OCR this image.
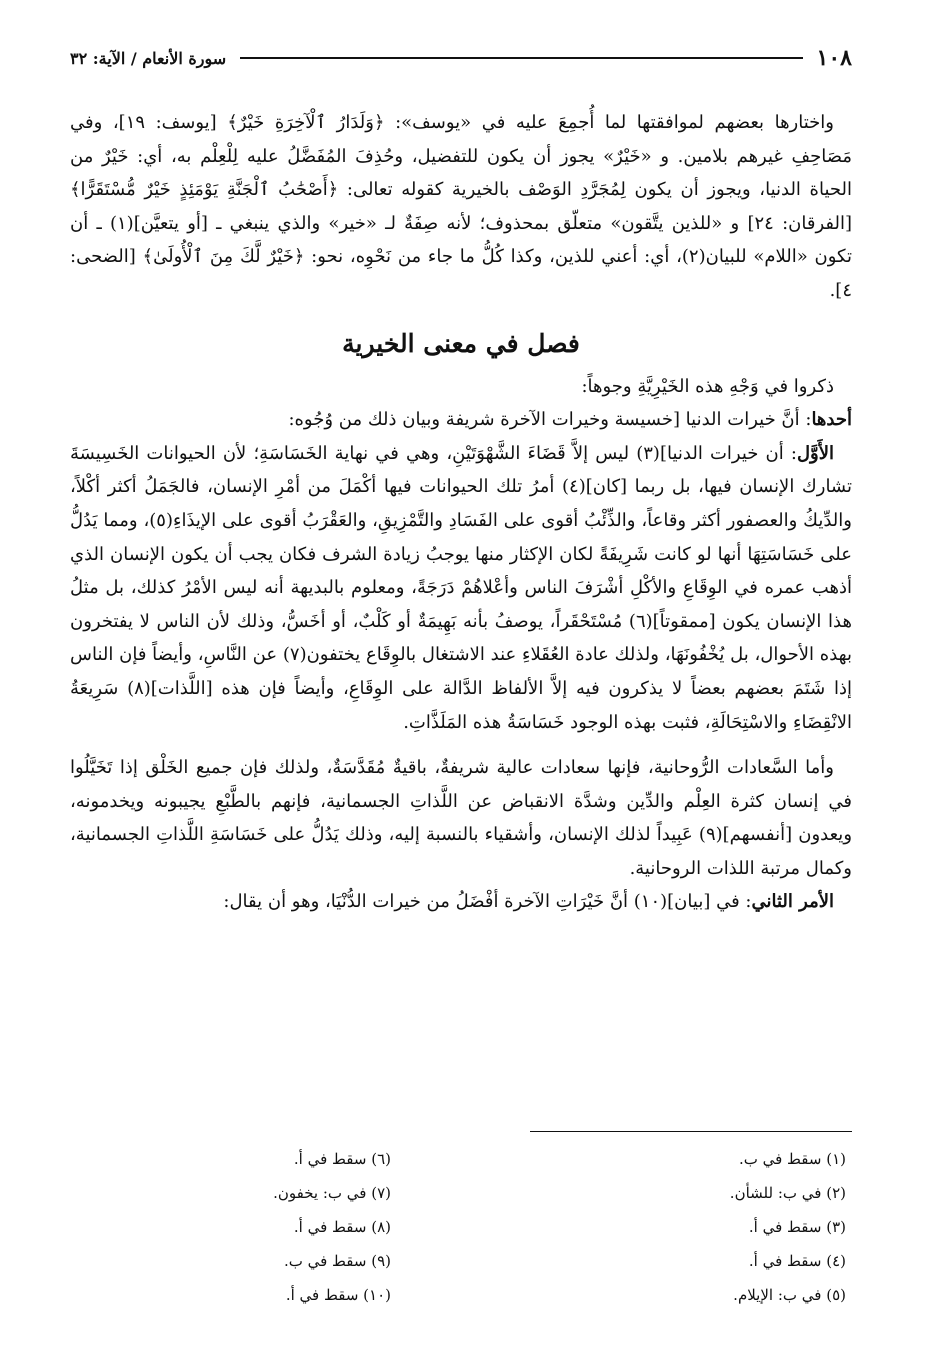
١٠٨
سورة الأنعام / الآية: ٣٢

واختارها بعضهم لموافقتها لما أُجمِعَ عليه في «يوسف»: ﴿وَلَدَارُ ٱلْآخِرَةِ خَيْرٌ﴾ [يوسف: ١٩]، وفي مَصَاحِفِ غيرهم بلامين. و «خَيْرٌ» يجوز أن يكون للتفضيل، وحُذِفَ المُفَضَّلُ عليه لِلْعِلْم به، أي: خَيْرٌ من الحياة الدنيا، ويجوز أن يكون لِمُجَرَّدِ الوَصْف بالخيرية كقوله تعالى: ﴿أَصْحَٰبُ ٱلْجَنَّةِ يَوْمَئِذٍ خَيْرٌ مُّسْتَقَرًّا﴾ [الفرقان: ٢٤] و «للذين يتَّقون» متعلّق بمحذوف؛ لأنه صِفَةٌ لـ «خير» والذي ينبغي ـ [أو يتعيَّن](١) ـ أن تكون «اللام» للبيان(٢)، أي: أعني للذين، وكذا كُلُّ ما جاء من نَحْوِه، نحو: ﴿خَيْرٌ لَّكَ مِنَ ٱلْأُولَىٰ﴾ [الضحى: ٤].

فصل في معنى الخيرية

ذكروا في وَجْهِ هذه الخَيْرِيَّةِ وجوهاً:

أحدها: أنَّ خيرات الدنيا [خسيسة وخيرات الآخرة شريفة وبيان ذلك من وُجُوه:

الأَوَّل: أن خيرات الدنيا](٣) ليس إلاَّ قَضَاءَ الشَّهْوَتَيْنِ، وهي في نهاية الخَسَاسَةِ؛ لأن الحيوانات الخَسِيسَةَ تشارك الإنسان فيها، بل ربما [كان](٤) أمرُ تلك الحيوانات فيها أكْمَلَ من أمْرِ الإنسان، فالجَمَلُ أكثر أكْلاً، والدِّيكُ والعصفور أكثر وقاعاً، والذِّئْبُ أقوى على الفَسَادِ والتَّمْزِيقِ، والعَقْرَبُ أقوى على الإيذَاءِ(٥)، ومما يَدُلُّ على خَسَاسَتِهَا أنها لو كانت شَرِيفَةً لكان الإكثار منها يوجبُ زيادة الشرف فكان يجب أن يكون الإنسان الذي أذهب عمره في الوِقَاعِ والأكْلِ أشْرَفَ الناس وأعْلاهُمْ دَرَجَةً، ومعلوم بالبديهة أنه ليس الأمْرُ كذلك، بل مثلُ هذا الإنسان يكون [ممقوتاً](٦) مُسْتَحْقَراً، يوصفُ بأنه بَهِيمَةٌ أو كَلْبٌ، أو أخَسُّ، وذلك لأن الناس لا يفتخرون بهذه الأحوال، بل يُخْفُونَهَا، ولذلك عادة العُقَلاءِ عند الاشتغال بالوِقَاع يختفون(٧) عن النَّاسِ، وأيضاً فإن الناس إذا شَتَمَ بعضهم بعضاً لا يذكرون فيه إلاَّ الألفاظ الدَّالة على الوِقَاعِ، وأيضاً فإن هذه [اللَّذات](٨) سَرِيعَةُ الانْقِضَاءِ والاسْتِحَالَةِ، فثبت بهذه الوجود خَسَاسَةُ هذه المَلَذَّاتِ.

وأما السَّعادات الرُّوحانية، فإنها سعادات عالية شريفةٌ، باقيةٌ مُقَدَّسَةٌ، ولذلك فإن جميع الخَلْق إذا تَخَيَّلُوا في إنسان كثرة العِلْم والدِّين وشدَّة الانقباض عن اللَّذاتِ الجسمانية، فإنهم بالطَّبْعِ يجيبونه ويخدمونه، ويعدون [أنفسهم](٩) عَبِيداً لذلك الإنسان، وأشقياء بالنسبة إليه، وذلك يَدُلُّ على خَسَاسَةِ اللَّذاتِ الجسمانية، وكمال مرتبة اللذات الروحانية.

الأمر الثاني: في [بيان](١٠) أنَّ خَيْرَاتِ الآخرة أفْضَلُ من خيرات الدُّنْيَا، وهو أن يقال:

(١) سقط في ب.
(٢) في ب: للشأن.
(٣) سقط في أ.
(٤) سقط في أ.
(٥) في ب: الإيلام.
(٦) سقط في أ.
(٧) في ب: يخفون.
(٨) سقط في أ.
(٩) سقط في ب.
(١٠) سقط في أ.
